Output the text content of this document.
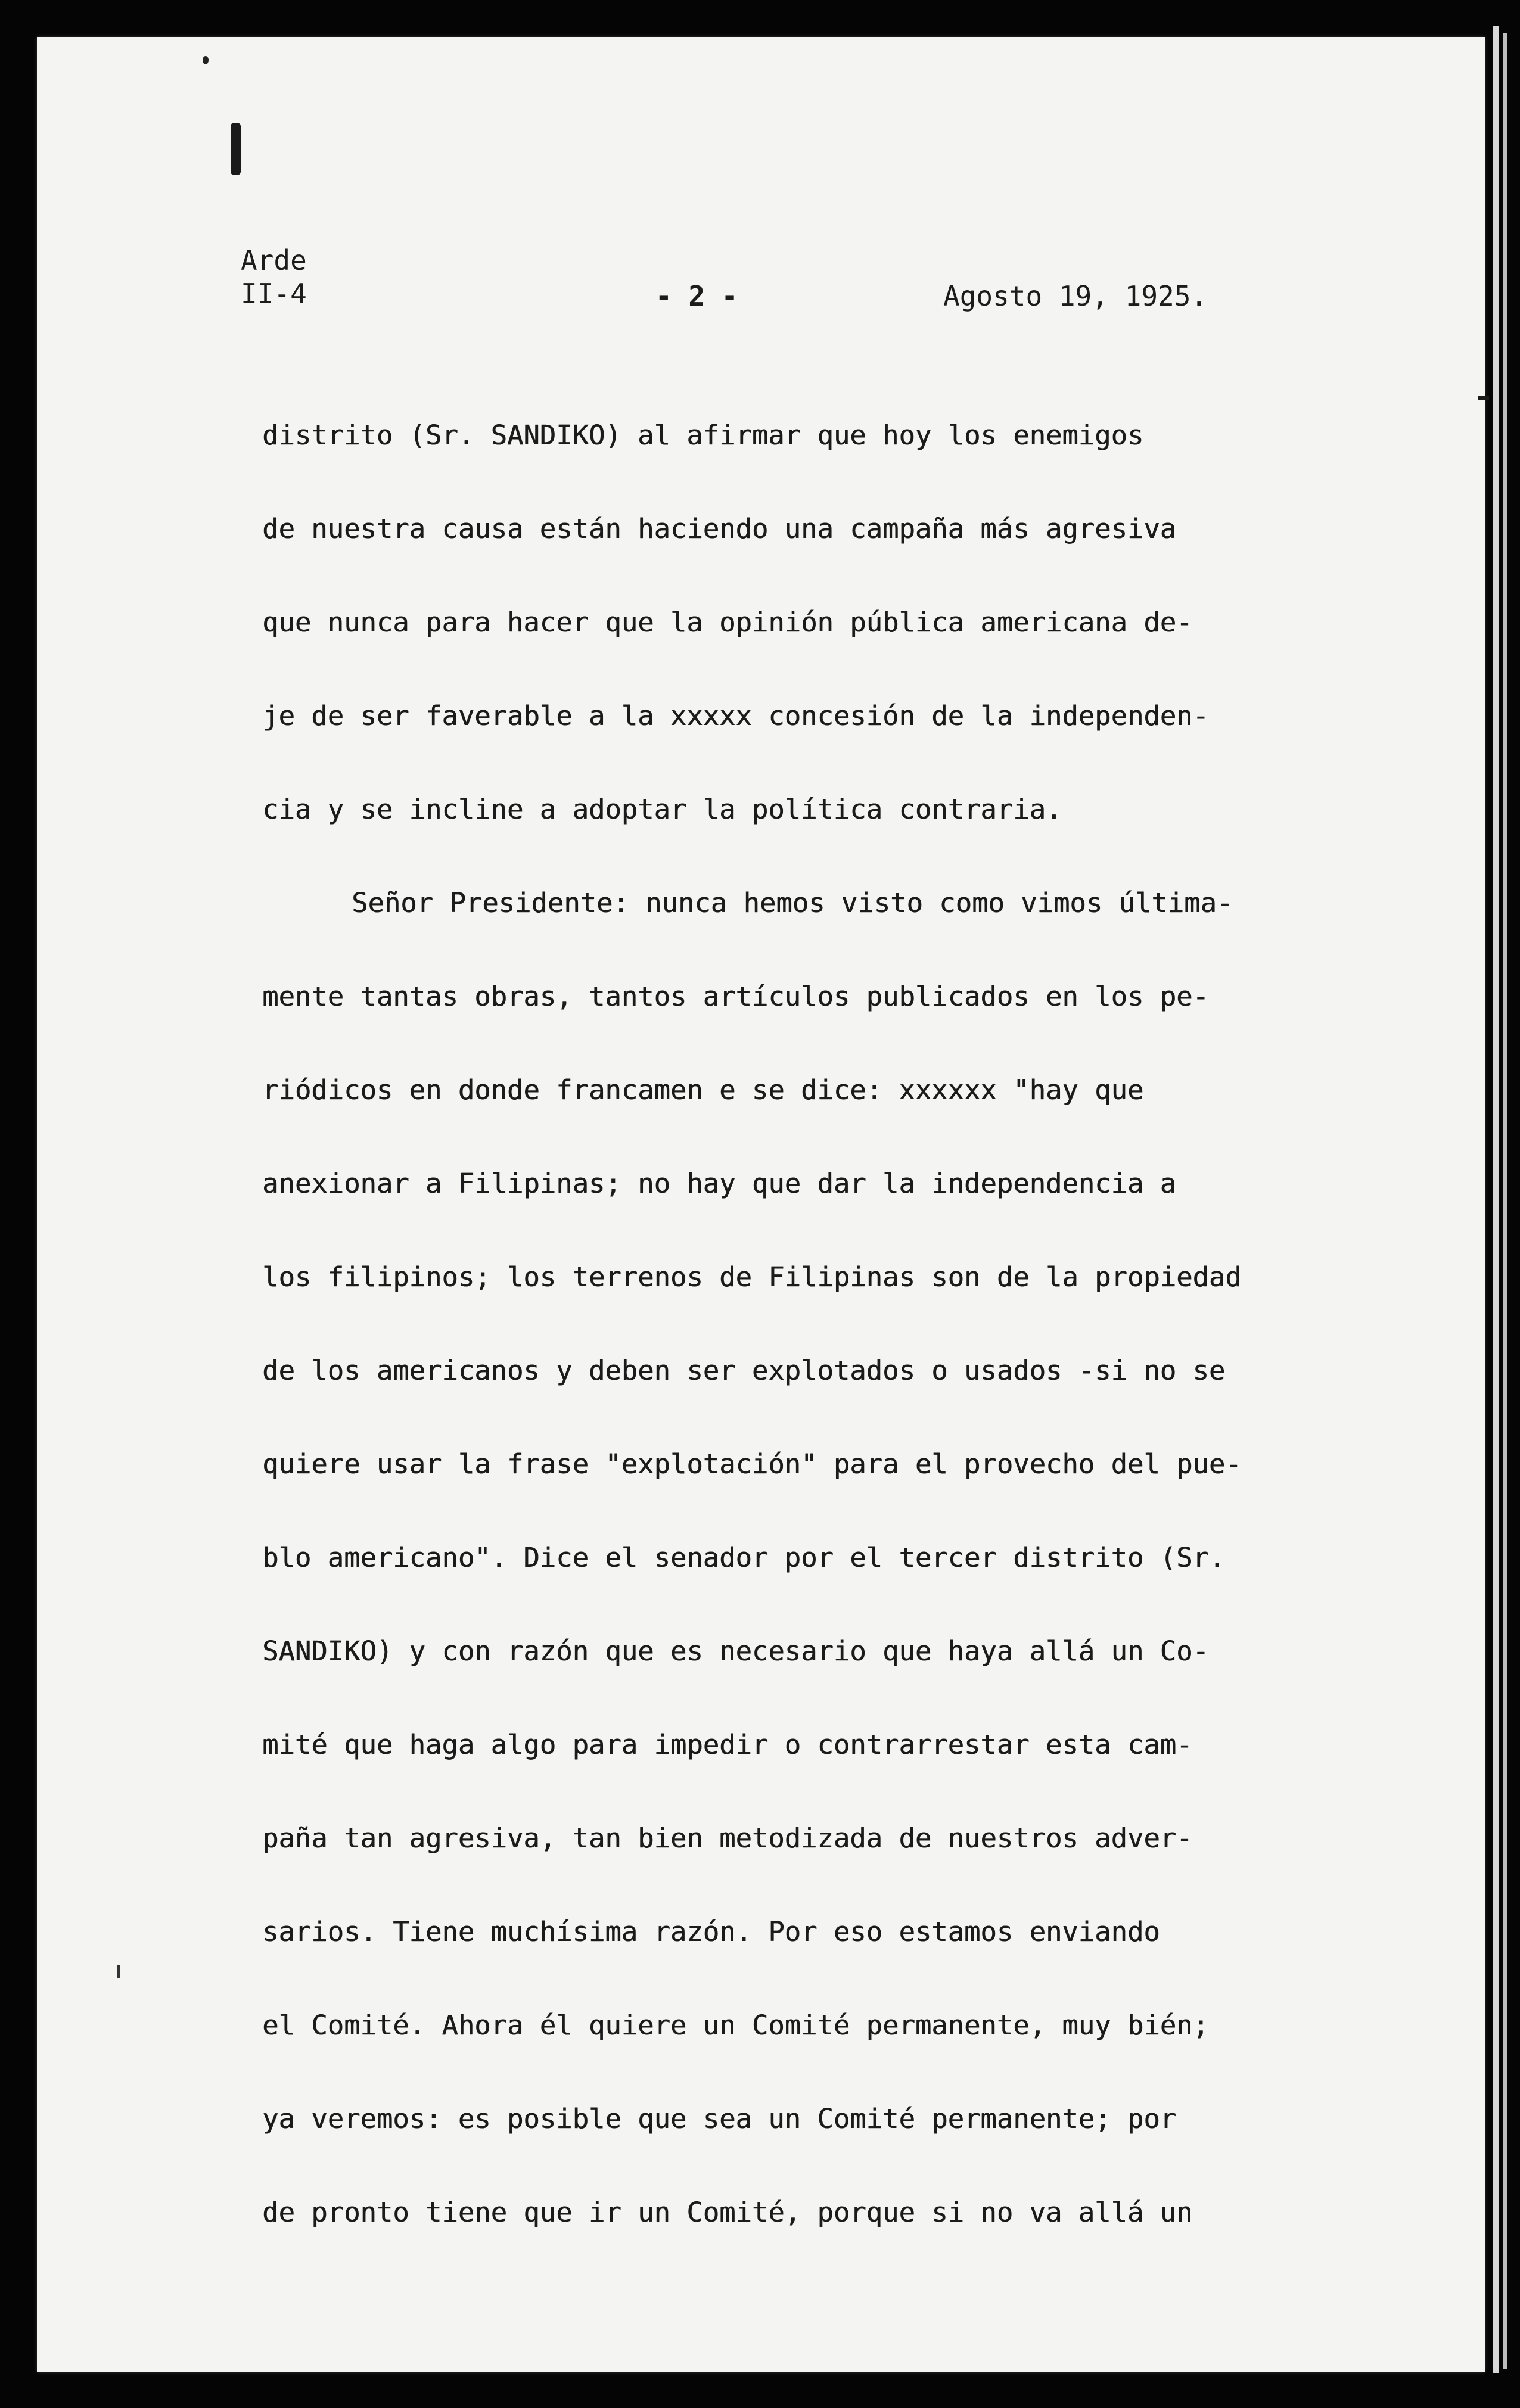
Arde
II-4	- 2 -	Agosto 19, 1925.
distrito (Sr. SANDIKO) al afirmar que hoy los enemigos
de nuestra causa están haciendo una campaña más agresiva
que nunca para hacer que la opinión pública americana de-
je de ser faverable a la xxxxx concesión de la independen-
cia y se incline a adoptar la política contraria.
Señor Presidente: nunca hemos visto como vimos última-
mente tantas obras, tantos artículos publicados en los pe-
riódicos en donde francamen e se dice: xxxxxx "hay que
anexionar a Filipinas; no hay que dar la independencia a
los filipinos; los terrenos de Filipinas son de la propiedad
de los americanos y deben ser explotados o usados -si no se
quiere usar la frase "explotación" para el provecho del pue-
blo americano". Dice el senador por el tercer distrito (Sr.
SANDIKO) y con razón que es necesario que haya allá un Co-
mité que haga algo para impedir o contrarrestar esta cam-
paña tan agresiva, tan bien metodizada de nuestros adver-
sarios. Tiene muchísima razón. Por eso estamos enviando
el Comité. Ahora él quiere un Comité permanente, muy bién;
ya veremos: es posible que sea un Comité permanente; por
de pronto tiene que ir un Comité, porque si no va allá un
